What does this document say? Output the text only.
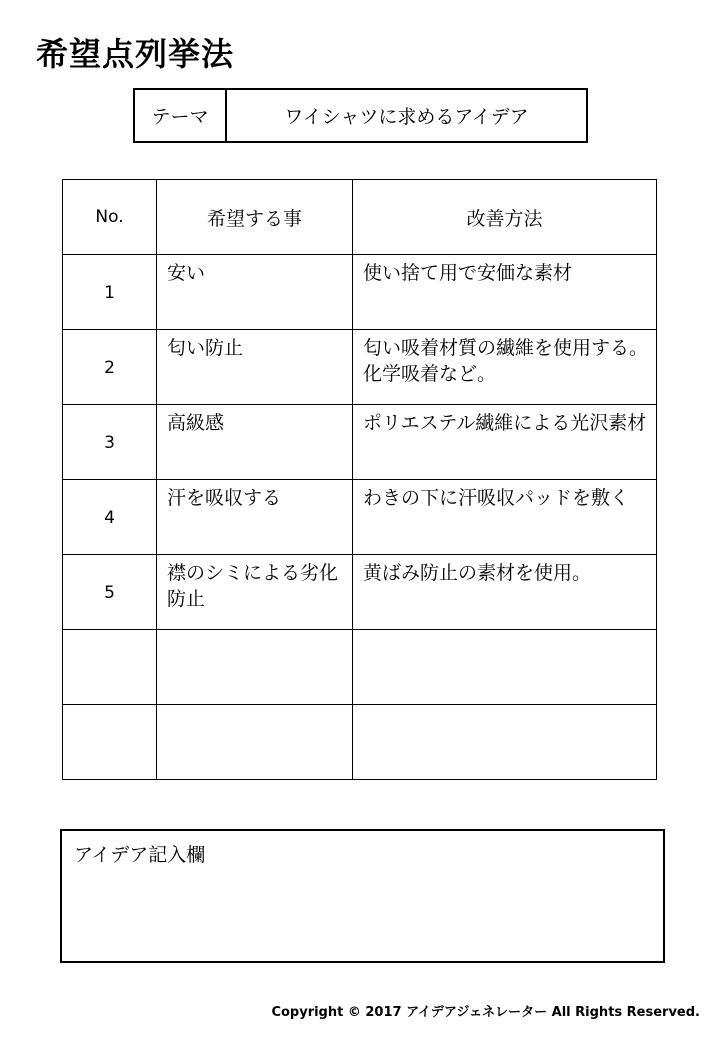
希望点列挙法
テーマ	ワイシャツに求めるアイデア
No.	希望する事	改善方法
1	安い	使い捨て用で安価な素材
2	匂い防止	匂い吸着材質の繊維を使用する。化学吸着など。
3	高級感	ポリエステル繊維による光沢素材
4	汗を吸収する	わきの下に汗吸収パッドを敷く
5	襟のシミによる劣化防止	黄ばみ防止の素材を使用。

アイデア記入欄
Copyright © 2017 アイデアジェネレーター All Rights Reserved.
